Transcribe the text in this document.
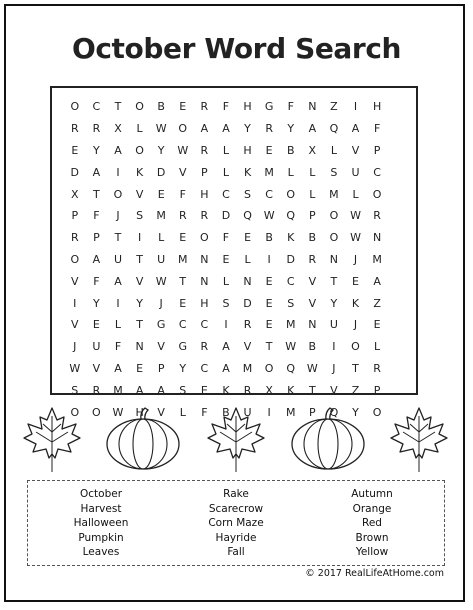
October Word Search
O	C	T	O	B	E	R	F	H	G	F	N	Z	I	H
R	R	X	L	W	O	A	A	Y	R	Y	A	Q	A	F
E	Y	A	O	Y	W	R	L	H	E	B	X	L	V	P
D	A	I	K	D	V	P	L	K	M	L	L	S	U	C
X	T	O	V	E	F	H	C	S	C	O	L	M	L	O
P	F	J	S	M	R	R	D	Q	W	Q	P	O	W	R
R	P	T	I	L	E	O	F	E	B	K	B	O	W	N
O	A	U	T	U	M	N	E	L	I	D	R	N	J	M
V	F	A	V	W	T	N	L	N	E	C	V	T	E	A
I	Y	I	Y	J	E	H	S	D	E	S	V	Y	K	Z
V	E	L	T	G	C	C	I	R	E	M	N	U	J	E
J	U	F	N	V	G	R	A	V	T	W	B	I	O	L
W	V	A	E	P	Y	C	A	M	O	Q	W	J	T	R
S	R	M	A	A	S	E	K	R	X	K	T	V	Z	P
O	O	W	H	V	L	F	B	U	I	M	P	Q	Y	O
October
Harvest
Halloween
Pumpkin
Leaves
Rake
Scarecrow
Corn Maze
Hayride
Fall
Autumn
Orange
Red
Brown
Yellow
© 2017 RealLifeAtHome.com
